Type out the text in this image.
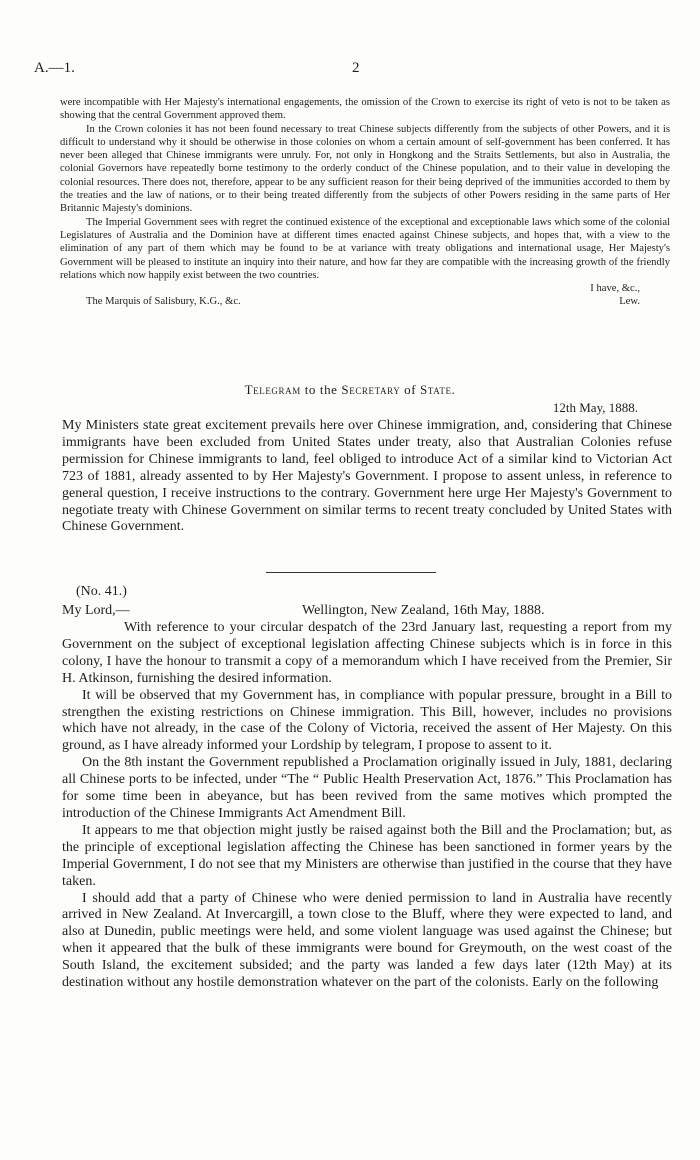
A.—1.	2

were incompatible with Her Majesty's international engagements, the omission of the Crown to exercise its right of veto is not to be taken as showing that the central Government approved them.

In the Crown colonies it has not been found necessary to treat Chinese subjects differently from the subjects of other Powers, and it is difficult to understand why it should be otherwise in those colonies on whom a certain amount of self-government has been conferred. It has never been alleged that Chinese immigrants were unruly. For, not only in Hongkong and the Straits Settlements, but also in Australia, the colonial Governors have repeatedly borne testimony to the orderly conduct of the Chinese population, and to their value in developing the colonial resources. There does not, therefore, appear to be any sufficient reason for their being deprived of the immunities accorded to them by the treaties and the law of nations, or to their being treated differently from the subjects of other Powers residing in the same parts of Her Britannic Majesty's dominions.

The Imperial Government sees with regret the continued existence of the exceptional and exceptionable laws which some of the colonial Legislatures of Australia and the Dominion have at different times enacted against Chinese subjects, and hopes that, with a view to the elimination of any part of them which may be found to be at variance with treaty obligations and international usage, Her Majesty's Government will be pleased to institute an inquiry into their nature, and how far they are compatible with the increasing growth of the friendly relations which now happily exist between the two countries.

I have, &c.,
The Marquis of Salisbury, K.G., &c.	Lew.
Telegram to the Secretary of State.
12th May, 1888.
My Ministers state great excitement prevails here over Chinese immigration, and, considering that Chinese immigrants have been excluded from United States under treaty, also that Australian Colonies refuse permission for Chinese immigrants to land, feel obliged to introduce Act of a similar kind to Victorian Act 723 of 1881, already assented to by Her Majesty's Government. I propose to assent unless, in reference to general question, I receive instructions to the contrary. Government here urge Her Majesty's Government to negotiate treaty with Chinese Government on similar terms to recent treaty concluded by United States with Chinese Government.
(No. 41.)
My Lord,—	Wellington, New Zealand, 16th May, 1888.

With reference to your circular despatch of the 23rd January last, requesting a report from my Government on the subject of exceptional legislation affecting Chinese subjects which is in force in this colony, I have the honour to transmit a copy of a memorandum which I have received from the Premier, Sir H. Atkinson, furnishing the desired information.

It will be observed that my Government has, in compliance with popular pressure, brought in a Bill to strengthen the existing restrictions on Chinese immigration. This Bill, however, includes no provisions which have not already, in the case of the Colony of Victoria, received the assent of Her Majesty. On this ground, as I have already informed your Lordship by telegram, I propose to assent to it.

On the 8th instant the Government republished a Proclamation originally issued in July, 1881, declaring all Chinese ports to be infected, under “The “ Public Health Preservation Act, 1876.” This Proclamation has for some time been in abeyance, but has been revived from the same motives which prompted the introduction of the Chinese Immigrants Act Amendment Bill.

It appears to me that objection might justly be raised against both the Bill and the Proclamation; but, as the principle of exceptional legislation affecting the Chinese has been sanctioned in former years by the Imperial Government, I do not see that my Ministers are otherwise than justified in the course that they have taken.

I should add that a party of Chinese who were denied permission to land in Australia have recently arrived in New Zealand. At Invercargill, a town close to the Bluff, where they were expected to land, and also at Dunedin, public meetings were held, and some violent language was used against the Chinese; but when it appeared that the bulk of these immigrants were bound for Greymouth, on the west coast of the South Island, the excitement subsided; and the party was landed a few days later (12th May) at its destination without any hostile demonstration whatever on the part of the colonists. Early on the following
